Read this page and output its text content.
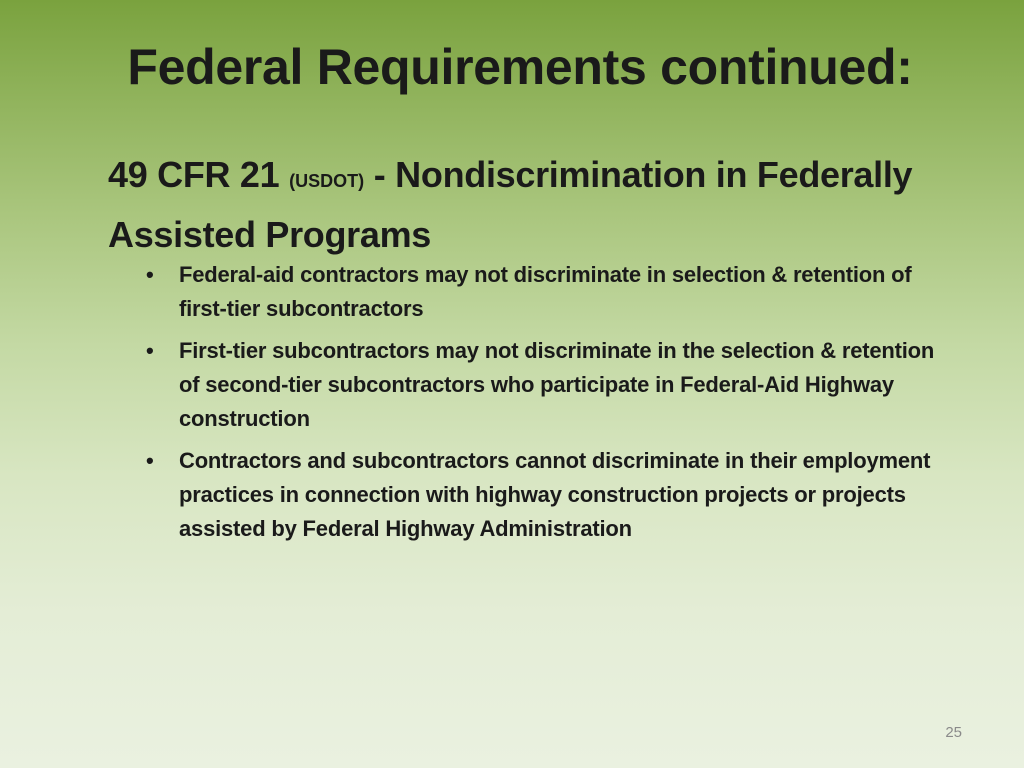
Federal Requirements continued:
49 CFR 21 (USDOT) - Nondiscrimination in Federally Assisted Programs
• Federal-aid contractors may not discriminate in selection & retention of first-tier subcontractors
• First-tier subcontractors may not discriminate in the selection & retention of second-tier subcontractors who participate in Federal-Aid Highway construction
• Contractors and subcontractors cannot discriminate in their employment practices in connection with highway construction projects or projects assisted by Federal Highway Administration
25
